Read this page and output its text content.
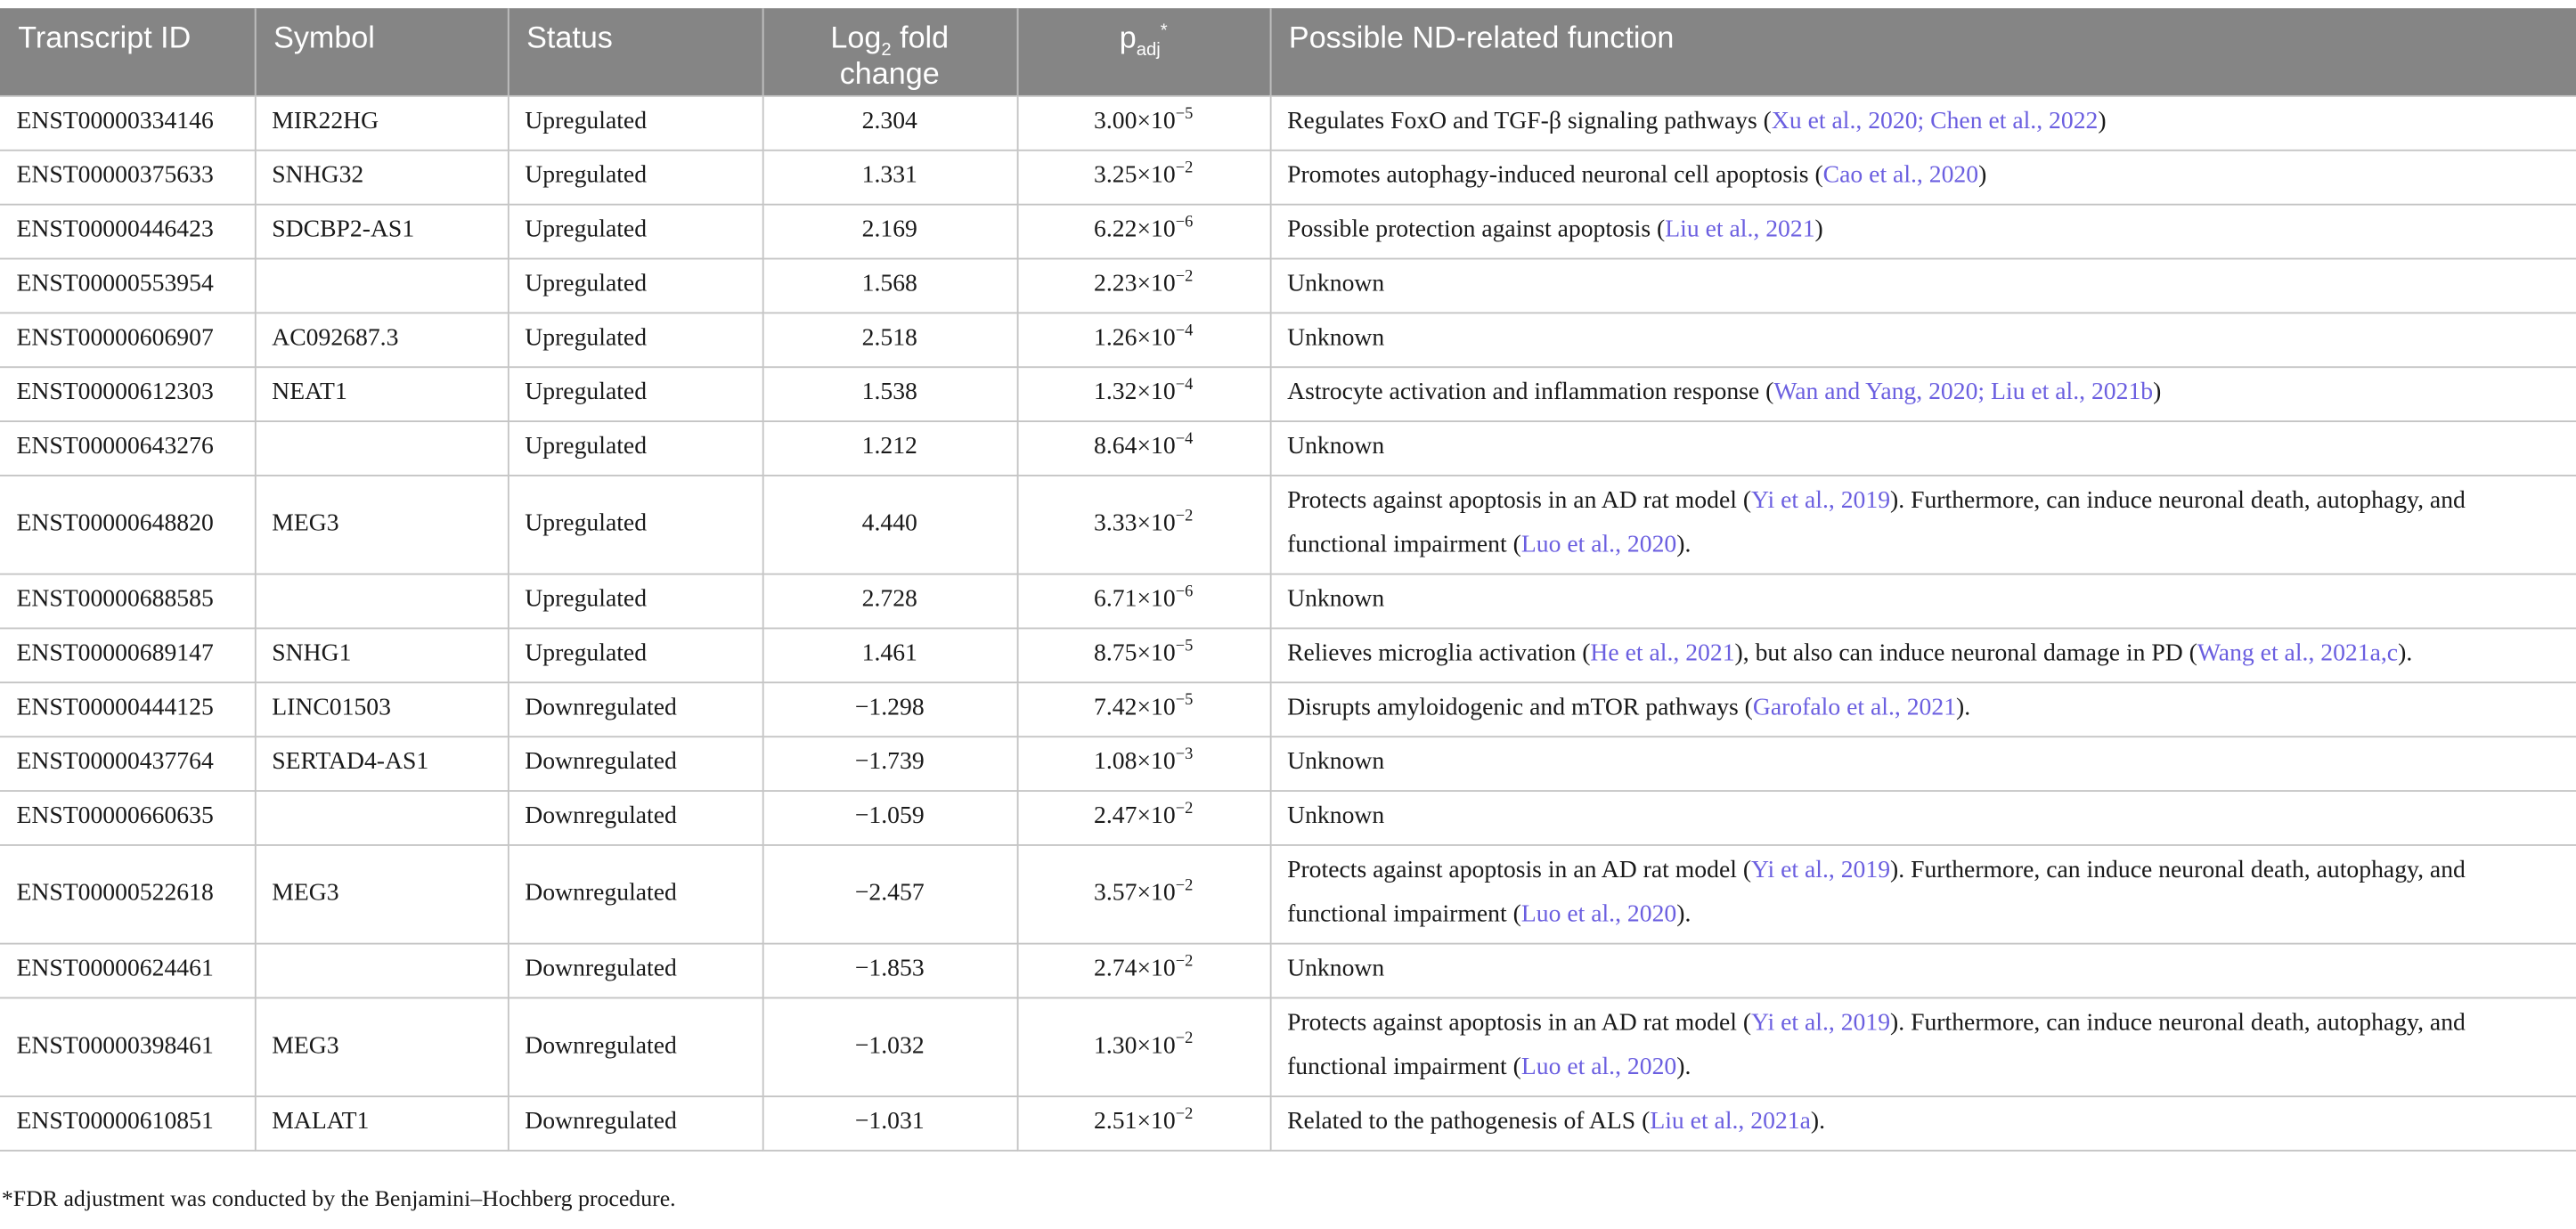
Transcript ID	Symbol	Status	Log$_2$ fold change	$p_{adj}^*$	Possible ND-related function
ENST00000334146	MIR22HG	Upregulated	2.304	$3.00\times 10^{-5}$	Regulates FoxO and TGF-β signaling pathways (Xu et al., 2020; Chen et al., 2022)
ENST00000375633	SNHG32	Upregulated	1.331	$3.25\times 10^{-2}$	Promotes autophagy-induced neuronal cell apoptosis (Cao et al., 2020)
ENST00000446423	SDCBP2-AS1	Upregulated	2.169	$6.22\times 10^{-6}$	Possible protection against apoptosis (Liu et al., 2021)
ENST00000553954		Upregulated	1.568	$2.23\times 10^{-2}$	Unknown
ENST00000606907	AC092687.3	Upregulated	2.518	$1.26\times 10^{-4}$	Unknown
ENST00000612303	NEAT1	Upregulated	1.538	$1.32\times 10^{-4}$	Astrocyte activation and inflammation response (Wan and Yang, 2020; Liu et al., 2021b)
ENST00000643276		Upregulated	1.212	$8.64\times 10^{-4}$	Unknown
ENST00000648820	MEG3	Upregulated	4.440	$3.33\times 10^{-2}$	Protects against apoptosis in an AD rat model (Yi et al., 2019). Furthermore, can induce neuronal death, autophagy, and functional impairment (Luo et al., 2020).
ENST00000688585		Upregulated	2.728	$6.71\times 10^{-6}$	Unknown
ENST00000689147	SNHG1	Upregulated	1.461	$8.75\times 10^{-5}$	Relieves microglia activation (He et al., 2021), but also can induce neuronal damage in PD (Wang et al., 2021a,c).
ENST00000444125	LINC01503	Downregulated	−1.298	$7.42\times 10^{-5}$	Disrupts amyloidogenic and mTOR pathways (Garofalo et al., 2021).
ENST00000437764	SERTAD4-AS1	Downregulated	−1.739	$1.08\times 10^{-3}$	Unknown
ENST00000660635		Downregulated	−1.059	$2.47\times 10^{-2}$	Unknown
ENST00000522618	MEG3	Downregulated	−2.457	$3.57\times 10^{-2}$	Protects against apoptosis in an AD rat model (Yi et al., 2019). Furthermore, can induce neuronal death, autophagy, and functional impairment (Luo et al., 2020).
ENST00000624461		Downregulated	−1.853	$2.74\times 10^{-2}$	Unknown
ENST00000398461	MEG3	Downregulated	−1.032	$1.30\times 10^{-2}$	Protects against apoptosis in an AD rat model (Yi et al., 2019). Furthermore, can induce neuronal death, autophagy, and functional impairment (Luo et al., 2020).
ENST00000610851	MALAT1	Downregulated	−1.031	$2.51\times 10^{-2}$	Related to the pathogenesis of ALS (Liu et al., 2021a).
*FDR adjustment was conducted by the Benjamini–Hochberg procedure.
